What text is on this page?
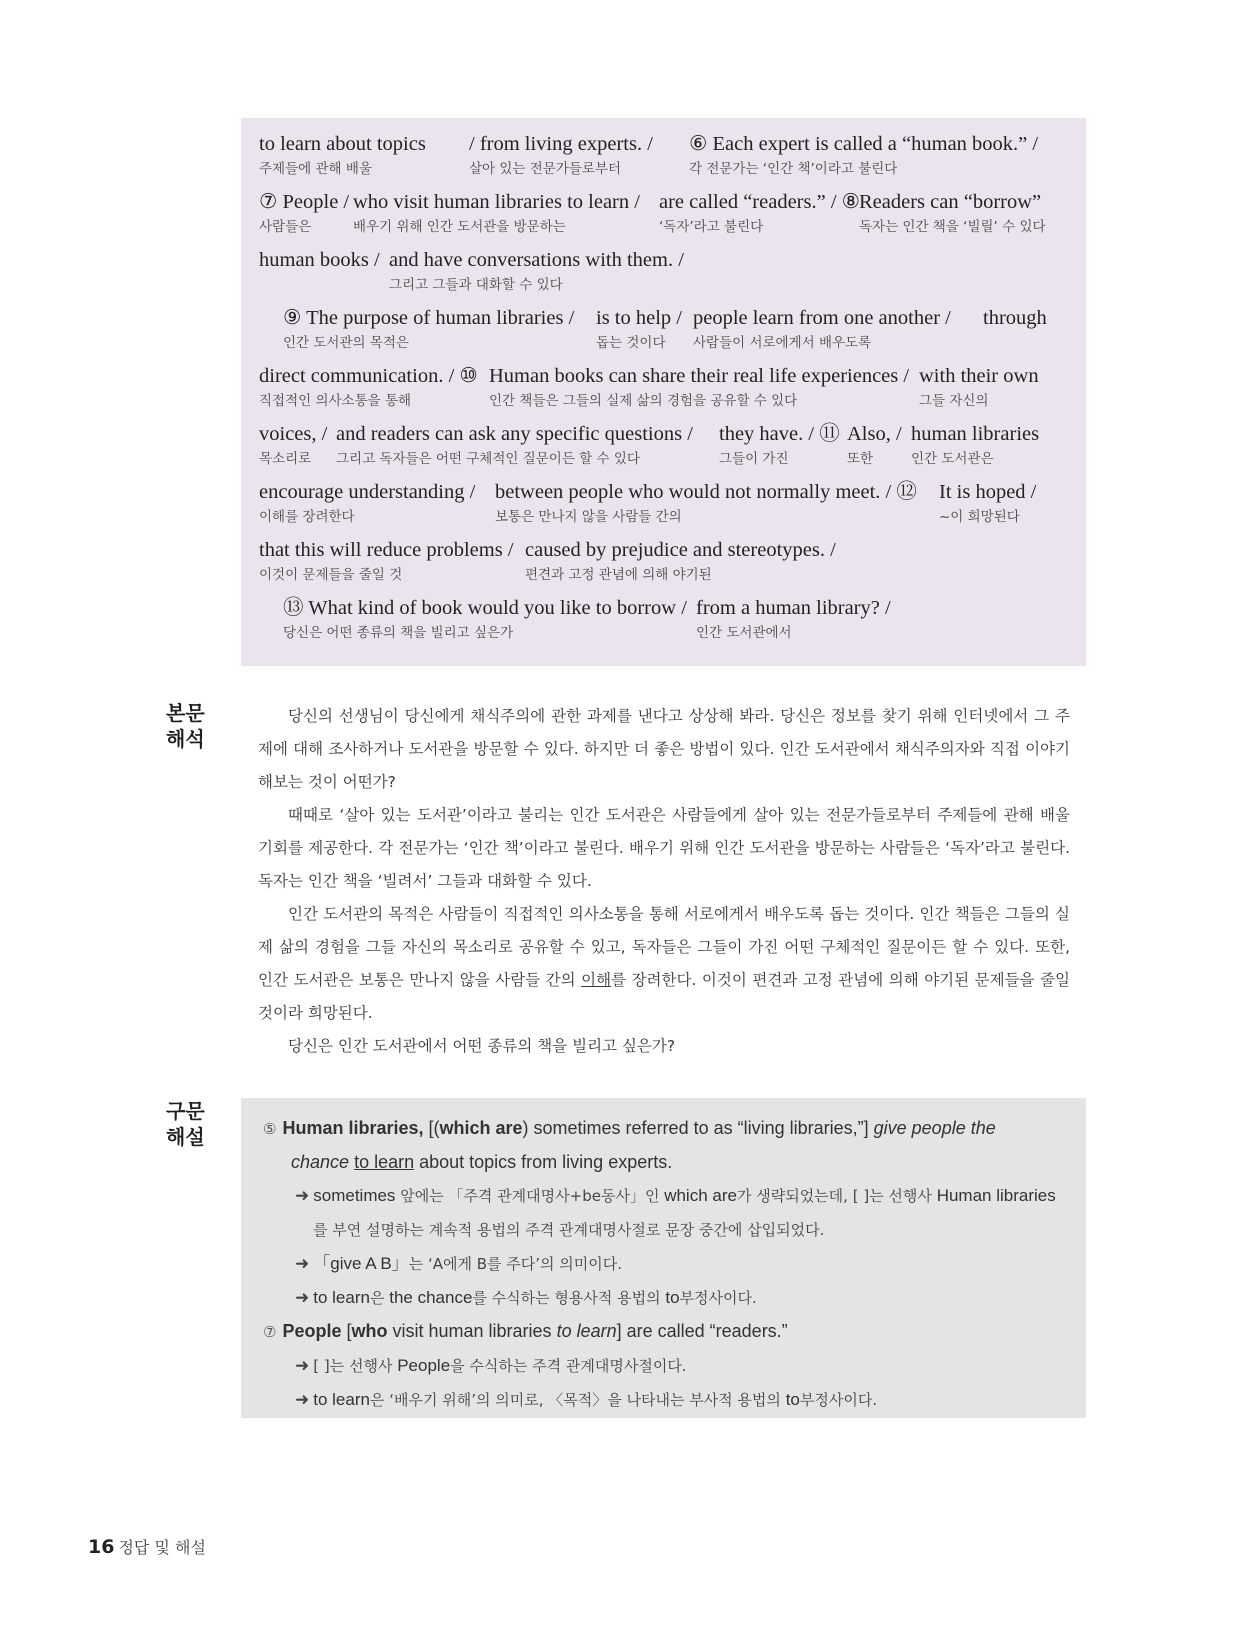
to learn about topics
주제들에 관해 배울
/ from living experts. /
살아 있는 전문가들로부터
⑥ Each expert is called a “human book.” /
각 전문가는 ‘인간 책’이라고 불린다
⑦ People /
사람들은
who visit human libraries to learn /
배우기 위해 인간 도서관을 방문하는
are called “readers.” / ⑧
‘독자’라고 불린다
Readers can “borrow”
독자는 인간 책을 ‘빌릴’ 수 있다
human books / and have conversations with them. /
그리고 그들과 대화할 수 있다
⑨ The purpose of human libraries /
인간 도서관의 목적은
is to help /
돕는 것이다
people learn from one another /
사람들이 서로에게서 배우도록
through
direct communication. / ⑩
직접적인 의사소통을 통해
Human books can share their real life experiences /
인간 책들은 그들의 실제 삶의 경험을 공유할 수 있다
with their own
그들 자신의
voices, /
목소리로
and readers can ask any specific questions /
그리고 독자들은 어떤 구체적인 질문이든 할 수 있다
they have. / ⑪
그들이 가진
Also, /
또한
human libraries
인간 도서관은
encourage understanding /
이해를 장려한다
between people who would not normally meet. / ⑫
보통은 만나지 않을 사람들 간의
It is hoped /
~이 희망된다
that this will reduce problems /
이것이 문제들을 줄일 것
caused by prejudice and stereotypes. /
편견과 고정 관념에 의해 야기된
⑬ What kind of book would you like to borrow /
당신은 어떤 종류의 책을 빌리고 싶은가
from a human library? /
인간 도서관에서
본문
해석
구문
해설

당신의 선생님이 당신에게 채식주의에 관한 과제를 낸다고 상상해 봐라. 당신은 정보를 찾기 위해 인터넷에서 그 주제에 대해 조사하거나 도서관을 방문할 수 있다. 하지만 더 좋은 방법이 있다. 인간 도서관에서 채식주의자와 직접 이야기해보는 것이 어떤가?

때때로 ‘살아 있는 도서관’이라고 불리는 인간 도서관은 사람들에게 살아 있는 전문가들로부터 주제들에 관해 배울 기회를 제공한다. 각 전문가는 ‘인간 책’이라고 불린다. 배우기 위해 인간 도서관을 방문하는 사람들은 ‘독자’라고 불린다. 독자는 인간 책을 ‘빌려서’ 그들과 대화할 수 있다.

인간 도서관의 목적은 사람들이 직접적인 의사소통을 통해 서로에게서 배우도록 돕는 것이다. 인간 책들은 그들의 실제 삶의 경험을 그들 자신의 목소리로 공유할 수 있고, 독자들은 그들이 가진 어떤 구체적인 질문이든 할 수 있다. 또한, 인간 도서관은 보통은 만나지 않을 사람들 간의 이해를 장려한다. 이것이 편견과 고정 관념에 의해 야기된 문제들을 줄일 것이라 희망된다.

당신은 인간 도서관에서 어떤 종류의 책을 빌리고 싶은가?

⑤ Human libraries, [(which are) sometimes referred to as “living libraries,”] give people the
chance to learn about topics from living experts.
➜ sometimes 앞에는 「주격 관계대명사+be동사」인 which are가 생략되었는데, [ ]는 선행사 Human libraries를 부연 설명하는 계속적 용법의 주격 관계대명사절로 문장 중간에 삽입되었다.
➜ 「give A B」는 ‘A에게 B를 주다’의 의미이다.
➜ to learn은 the chance를 수식하는 형용사적 용법의 to부정사이다.
⑦ People [who visit human libraries to learn] are called “readers.”
➜ [ ]는 선행사 People을 수식하는 주격 관계대명사절이다.
➜ to learn은 ‘배우기 위해’의 의미로, 〈목적〉을 나타내는 부사적 용법의 to부정사이다.
16 정답 및 해설
